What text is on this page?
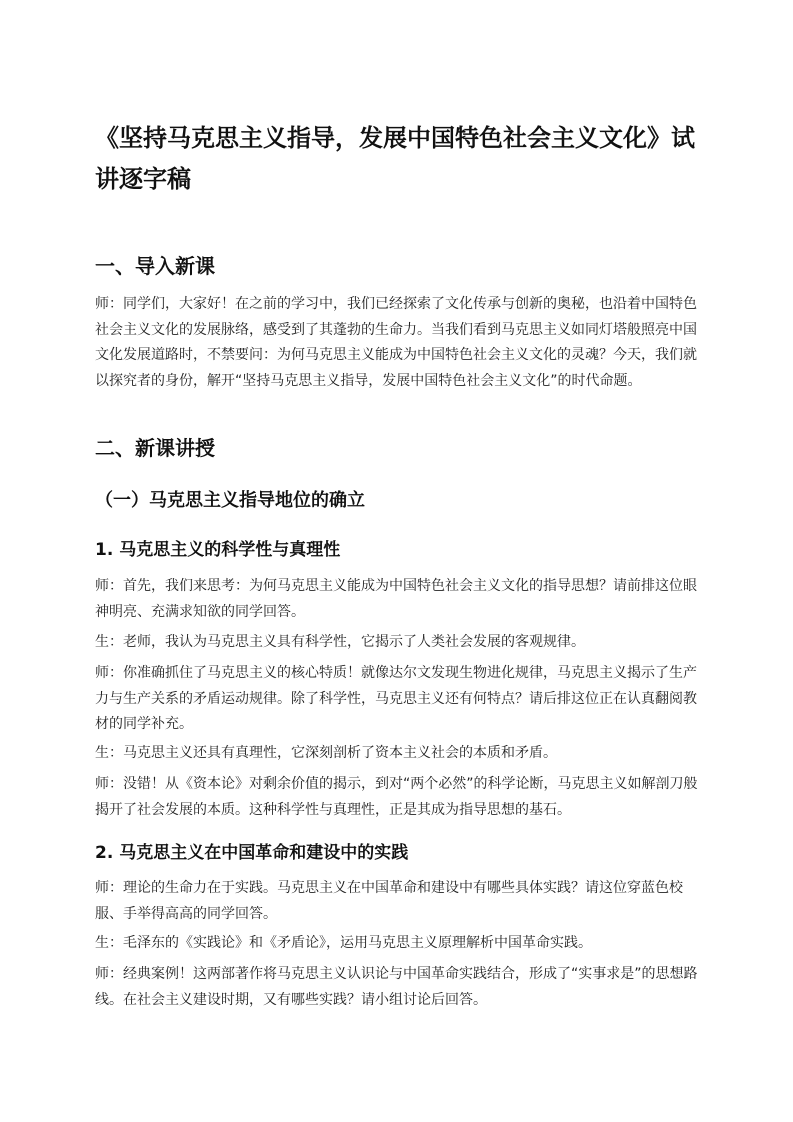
《坚持马克思主义指导，发展中国特色社会主义文化》试讲逐字稿
一、导入新课

师：同学们，大家好！在之前的学习中，我们已经探索了文化传承与创新的奥秘，也沿着中国特色社会主义文化的发展脉络，感受到了其蓬勃的生命力。当我们看到马克思主义如同灯塔般照亮中国文化发展道路时，不禁要问：为何马克思主义能成为中国特色社会主义文化的灵魂？今天，我们就以探究者的身份，解开“坚持马克思主义指导，发展中国特色社会主义文化”的时代命题。

二、新课讲授
（一）马克思主义指导地位的确立
1. 马克思主义的科学性与真理性

师：首先，我们来思考：为何马克思主义能成为中国特色社会主义文化的指导思想？请前排这位眼神明亮、充满求知欲的同学回答。

生：老师，我认为马克思主义具有科学性，它揭示了人类社会发展的客观规律。

师：你准确抓住了马克思主义的核心特质！就像达尔文发现生物进化规律，马克思主义揭示了生产力与生产关系的矛盾运动规律。除了科学性，马克思主义还有何特点？请后排这位正在认真翻阅教材的同学补充。

生：马克思主义还具有真理性，它深刻剖析了资本主义社会的本质和矛盾。

师：没错！从《资本论》对剩余价值的揭示，到对“两个必然”的科学论断，马克思主义如解剖刀般揭开了社会发展的本质。这种科学性与真理性，正是其成为指导思想的基石。

2. 马克思主义在中国革命和建设中的实践

师：理论的生命力在于实践。马克思主义在中国革命和建设中有哪些具体实践？请这位穿蓝色校服、手举得高高的同学回答。

生：毛泽东的《实践论》和《矛盾论》，运用马克思主义原理解析中国革命实践。

师：经典案例！这两部著作将马克思主义认识论与中国革命实践结合，形成了“实事求是”的思想路线。在社会主义建设时期，又有哪些实践？请小组讨论后回答。
